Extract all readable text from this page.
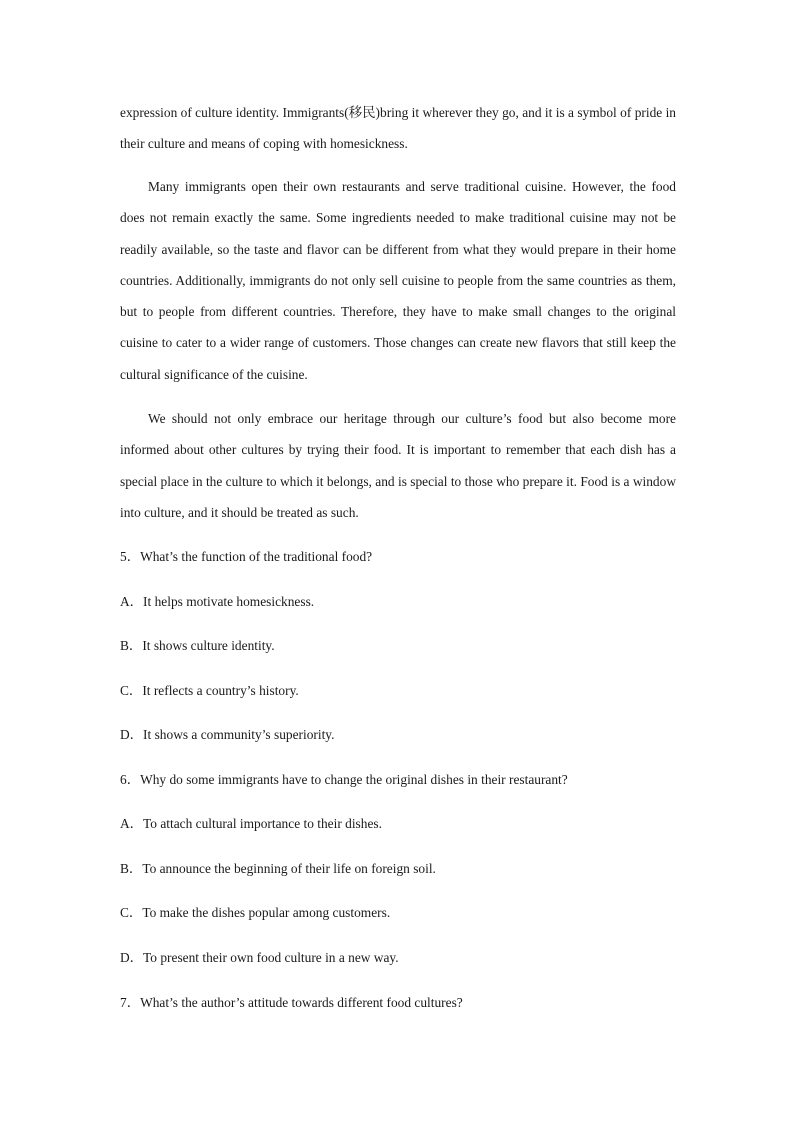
expression of culture identity. Immigrants(移民)bring it wherever they go, and it is a symbol of pride in their culture and means of coping with homesickness.

Many immigrants open their own restaurants and serve traditional cuisine. However, the food does not remain exactly the same. Some ingredients needed to make traditional cuisine may not be readily available, so the taste and flavor can be different from what they would prepare in their home countries. Additionally, immigrants do not only sell cuisine to people from the same countries as them, but to people from different countries. Therefore, they have to make small changes to the original cuisine to cater to a wider range of customers. Those changes can create new flavors that still keep the cultural significance of the cuisine.

We should not only embrace our heritage through our culture’s food but also become more informed about other cultures by trying their food. It is important to remember that each dish has a special place in the culture to which it belongs, and is special to those who prepare it. Food is a window into culture, and it should be treated as such.

5．What’s the function of the traditional food?

A．It helps motivate homesickness.

B．It shows culture identity.

C．It reflects a country’s history.

D．It shows a community’s superiority.

6．Why do some immigrants have to change the original dishes in their restaurant?

A．To attach cultural importance to their dishes.

B．To announce the beginning of their life on foreign soil.

C．To make the dishes popular among customers.

D．To present their own food culture in a new way.

7．What’s the author’s attitude towards different food cultures?
